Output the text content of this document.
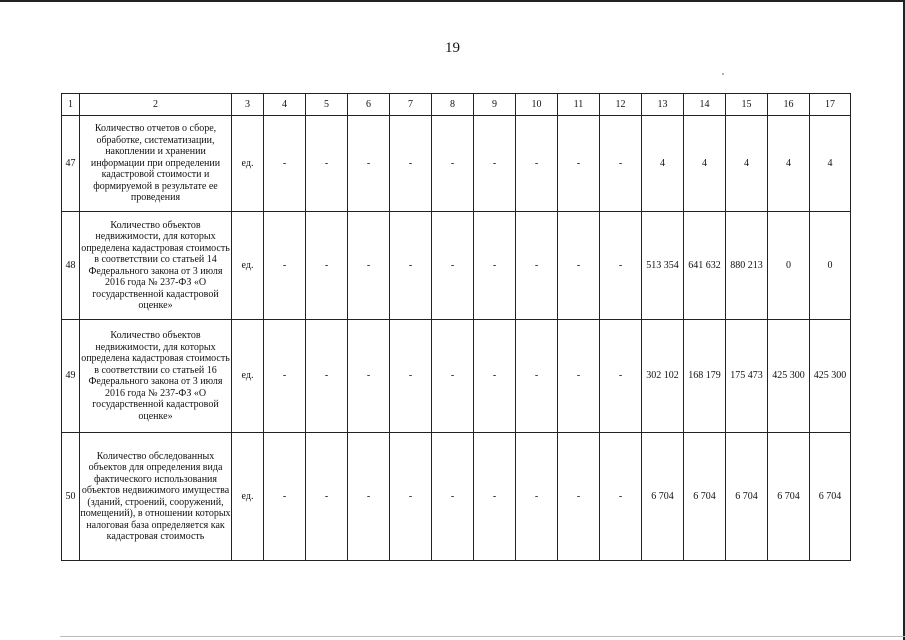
19
1	2	3	4	5	6	7	8	9	10	11	12	13	14	15	16	17
47	Количество отчетов о сборе, обработке, систематизации, накоплении и хранении информации при определении кадастровой стоимости и формируемой в результате ее проведения	ед.	-	-	-	-	-	-	-	-	-	4	4	4	4	4
48	Количество объектов недвижимости, для которых определена кадастровая стоимость в соответствии со статьей 14 Федерального закона от 3 июля 2016 года № 237-ФЗ «О государственной кадастровой оценке»	ед.	-	-	-	-	-	-	-	-	-	513 354	641 632	880 213	0	0
49	Количество объектов недвижимости, для которых определена кадастровая стоимость в соответствии со статьей 16 Федерального закона от 3 июля 2016 года № 237-ФЗ «О государственной кадастровой оценке»	ед.	-	-	-	-	-	-	-	-	-	302 102	168 179	175 473	425 300	425 300
50	Количество обследованных объектов для определения вида фактического использования объектов недвижимого имущества (зданий, строений, сооружений, помещений), в отношении которых налоговая база определяется как кадастровая стоимость	ед.	-	-	-	-	-	-	-	-	-	6 704	6 704	6 704	6 704	6 704
